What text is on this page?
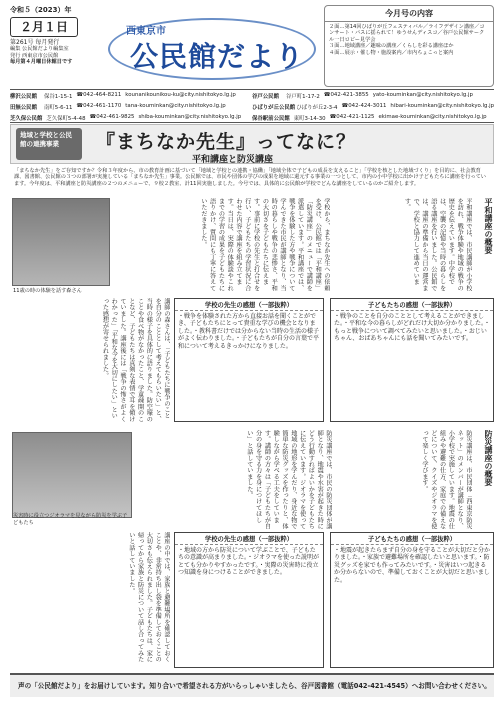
令和５（2023）年
２月１日
第261号 毎月発行
編集 公民館だより編集室
発行 西東京市公民館
毎月第４月曜日休館日です
西東京市
公民館だより
今月号の内容
２面…第14回ひばりが丘フェスティバル／ライフデザイン講座／コンサート・バスに揺られて！ゆうせんディスコ／谷戸公民館サークル一日ロビー見学会
３面…地域講座／趣味の講座／くらしを彩る講座ほか
４面…展示・催し物・施設案内／市内ちょこっと案内
柳沢公民館	保谷1-15-1 ☎042-464-8211 kounanikounikou-ku@city.nishitokyo.lg.jp	谷戸公民館	谷戸町1-17-2 ☎042-421-3855 yato-kouminkan@city.nishitokyo.lg.jp
田無公民館	南町5-6-11 ☎042-461-1170 tana-kouminkan@city.nishitokyo.lg.jp	ひばりが丘公民館 ひばりが丘2-3-4 ☎042-424-3011 hibari-kouminkan@city.nishitokyo.lg.jp
芝久保公民館 芝久保町5-4-48 ☎042-461-9825 shiba-kouminkan@city.nishitokyo.lg.jp 保谷駅前公民館 東町3-14-30 ☎042-421-1125 ekimae-kouminkan@city.nishitokyo.lg.jp
地域と学校と公民館の連携事業	『まちなか先生』ってなに？
平和講座と防災講座
「まちなか先生」をご存知ですか？令和３年度から、市の教育計画に基づいて「地域と学校との連携・協働」「地域全体で子どもの成長を支えること」「学校を核とした地域づくり」を目的に、社会教育課、図書館、公民館の３つの部署が実施している「まちなか先生」事業。公民館では、市民や団体の学びの成果を地域に還元する事業の一つとして、市内の小中学校に出かけ子どもたちに講座を行っています。今年度は、平和講座と防災講座の２つのメニューで、９校２教室、計11回実施しました。今号では、具体的に公民館が学校でどんな講座をしているのかご紹介します。
11歳の時の体験を話す森さん	学校から、まちなか先生への依頼を受け、公民館では「平和講座」「防災講座」のメニューで講師を派遣しています。平和講座では、戦争を体験した方や戦争について学んできた市民が講師となり、当時の暮らしや戦争の悲惨さ、平和の大切さを子どもたちに伝えます。事前に学校の先生と打合せを行い、子どもたちの学習状況に合わせた内容で講座を組み立てます。当日は、実際の体験談やこれまでの学習の成果を子どもたちに語りかけ、質問にも丁寧に答えていただきました。	平和講座の概要
平和講座では、市民講師が小学校を訪れ、戦争体験や地域の戦争の歴史を伝えています。中学校では、空襲の記憶や当時の暮らしを語る講座を行いました。公民館では、講座の準備から当日の運営まで、学校と協力して進めています。
講師の森さんは、「子どもたちに戦争のことを自分のこととして考えてもらいたい」と、当時の様子を具体的に語りました。防空壕のことや食べ物がなかったこと、学童疎開のことなど、子どもたちは真剣な表情で耳を傾けていました。講座後には「戦争の怖さがよくわかった」「平和な今を大切にしたい」といった感想が寄せられました。	学校の先生の感想（一部抜粋）
・戦争を体験された方から直接お話を聞くことができ、子どもたちにとって貴重な学びの機会となりました。・教科書だけでは分からない当時の生活の様子がよく伝わりました。・子どもたちが自分の言葉で平和について考えるきっかけになりました。
子どもたちの感想（一部抜粋）
・戦争のことを自分のこととして考えることができました。・平和な今の暮らしがどれだけ大切か分かりました。・もっと戦争について調べてみたいと思いました。・おじいちゃん、おばあちゃんにも話を聞いてみたいです。
災害時に役立つジオラマを見ながら防災を学ぶ子どもたち	防災講座では、市民の防災団体が講師となり、地震や水害が起きた時にどう行動すればよいかを子どもたちに伝えています。ジオラマを使って地域の地形を学んだり、身近な物で簡単な防災グッズを作ったりと、体験しながら学べる工夫をしています。講師の方々は「子どもたちが自分の身を守る力を身につけてほしい」と話していました。	防災講座の概要
防災講座は、市民団体「西東京防災ネット」のメンバーが講師となり、小学校で実施しています。地震の仕組みや避難の仕方、家庭での備えなどについて、クイズやジオラマを使って楽しく学びます。
講座の中では、家族と避難場所を確認しておくことや、非常持ち出し袋を準備しておくことの大切さも伝えられました。子どもたちは、家に帰ってから家族と防災について話し合ってみたいと話していました。	学校の先生の感想（一部抜粋）
・地域の方から防災について学ぶことで、子どもたちの意識が高まりました。・ジオラマを使った説明がとても分かりやすかったです。・実際の災害時に役立つ知識を身につけることができました。
子どもたちの感想（一部抜粋）
・地震が起きたらまず自分の身を守ることが大切だと分かりました。・家族で避難場所を確認したいと思います。・防災グッズを家でも作ってみたいです。・災害はいつ起きるか分からないので、準備しておくことが大切だと思いました。
声の「公民館だより」をお届けしています。知り合いで希望される方がいらっしゃいましたら、谷戸図書館（電話042-421-4545）へお問い合わせください。
